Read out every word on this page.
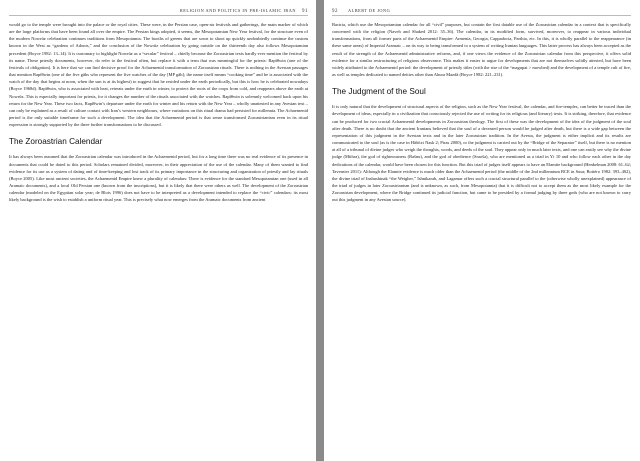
RELIGION AND POLITICS IN PRE-ISLAMIC IRAN 91

would go to the temple were brought into the palace or the royal cities. These were, in the Persian case, open-air festivals and gatherings, the main marker of which are the large platforms that have been found all over the empire. The Persian kings adopted, it seems, the Mesopotamian New Year festival, for the structure even of the modern Nowrūz celebration continues traditions from Mesopotamia. The booths of greens that are sown to shoot up quickly undoubtedly continue the custom known in the West as “gardens of Adonis,” and the conclusion of the Nowrūz celebration by going outside on the thirteenth day also follows Mesopotamian precedent (Boyce 1982: 13–14). It is customary to highlight Nowrūz as a “secular” festival – chiefly because the Zoroastrian texts hardly ever mention the festival by its name. These priestly documents, however, do refer to the festival often, but replace it with a term that was meaningful for the priests: Rapīθwin (one of the festivals of obligation). It is here that we can find decisive proof for the Achaemenid transformation of Zoroastrian rituals. There is nothing in the Avestan passages that mention Rapīθwin (one of the five gāhs who represent the five watches of the day [MP gāh]; the name itself means “cooking time” and he is associated with the watch of the day that begins at noon, when the sun is at its highest) to suggest that he resided under the earth periodically, but this is how he is celebrated nowadays (Boyce 1968d). Rapīθwin, who is associated with heat, retreats under the earth in winter, to protect the roots of the crops from cold, and reappears above the earth at Nowrūz. This is especially important for priests, for it changes the number of the rituals associated with the watches. Rapīθwin is solemnly welcomed back upon his return for the New Year. These two facts, Rapīθwin’s departure under the earth for winter and his return with the New Year – wholly unattested in any Avestan text – can only be explained as a result of culture contact with Iran’s western neighbours, where variations on this ritual drama had persisted for millennia. The Achaemenid period is the only suitable timeframe for such a development. The idea that the Achaemenid period is that sense transformed Zoroastrianism even in its ritual expression is strongly supported by the three further transformations to be discussed.

The Zoroastrian Calendar

It has always been assumed that the Zoroastrian calendar was introduced in the Achaemenid period, but for a long time there was no real evidence of its presence in documents that could be dated to this period. Scholars remained divided, moreover, in their appreciation of the use of the calendar. Many of them wanted to find evidence for its use as a system of dating and of time-keeping and lost track of its primary importance in the structuring and organization of priestly and lay rituals (Boyce 2005). Like most ancient societies, the Achaemenid Empire knew a plurality of calendars: There is evidence for the standard Mesopotamian one (used in all Aramaic documents), and a local Old Persian one (known from the inscriptions), but it is likely that there were others as well. The development of the Zoroastrian calendar (modeled on the Egyptian solar year; de Blois 1996) does not have to be interpreted as a development intended to replace the “civic” calendars: its most likely background is the wish to establish a uniform ritual year. This is precisely what now emerges from the Aramaic documents from ancient

92 ALBERT DE JONG

Bactria, which use the Mesopotamian calendar for all “civil” purposes, but contain the first datable use of the Zoroastrian calendar in a context that is specifically concerned with the religion (Naveh and Shaked 2012: 35–36). The calendar, in its modified form, survived, moreover, to reappear in various individual transformations, from all former parts of the Achaemenid Empire: Armenia, Georgia, Cappadocia, Parthia, etc. In this, it is wholly parallel to the reappearance (in these same areas) of Imperial Aramaic – on its way to being transformed to a system of writing Iranian languages. This latter process has always been accepted as the result of the strength of the Achaemenid administrative reforms, and, if one views the evidence of the Zoroastrian calendar from this perspective, it offers solid evidence for a similar restructuring of religious observance. This makes it easier to argue for developments that are not themselves solidly attested, but have been widely attributed to the Achaemenid period: the development of priestly titles (with the rise of the “magupat > mowbed) and the development of a temple cult of fire, as well as temples dedicated to named deities other than Ahura Mazdā (Boyce 1982: 221–231).

The Judgment of the Soul

It is only natural that the development of structural aspects of the religion, such as the New Year festival, the calendar, and fire-temples, can better be traced than the development of ideas, especially in a civilization that consciously rejected the use of writing for its religious (and literary) texts. It is striking, therefore, that evidence can be produced for two crucial Achaemenid developments in Zoroastrian theology. The first of these was the development of the idea of the judgment of the soul after death. There is no doubt that the ancient Iranians believed that the soul of a deceased person would be judged after death, but there is a wide gap between the representation of this judgment in the Avestan texts and in the later Zoroastrian tradition. In the Avesta, the judgment is either implicit and its results are communicated to the soul (as is the case in Hāδōxt Nask 2; Piras 2000), or the judgment is carried out by the “Bridge of the Separator” itself, but there is no mention at all of a tribunal of divine judges who weigh the thoughts, words, and deeds of the soul. They appear only in much later texts, and one can easily see why the divine judge (Mithra), the god of righteousness (Rašnu), and the god of obedience (Sraoša), who are mentioned as a triad in Yt 10 and who follow each other in the day dedications of the calendar, would have been chosen for this function. But this triad of judges itself appears to have an Elamite background (Henkelman 2008: 61–62; Tavernier 2011): Although the Elamite evidence is much older than the Achaemenid period (the middle of the 2nd millennium BCE in Susa; Bottéro 1982: 393–402), the divine triad of Inshushinak “the Weigher,” Ishnikarab, and Lagamar offers such a crucial structural parallel to the (otherwise wholly unexplained) appearance of the triad of judges in later Zoroastrianism (and is unknown, as such, from Mesopotamia) that it is difficult not to accept them as the most likely example for the Zoroastrian development, where the Bridge continued its judicial function, but came to be presided by a formal judging by three gods (who are not known to carry out this judgment in any Avestan source).
